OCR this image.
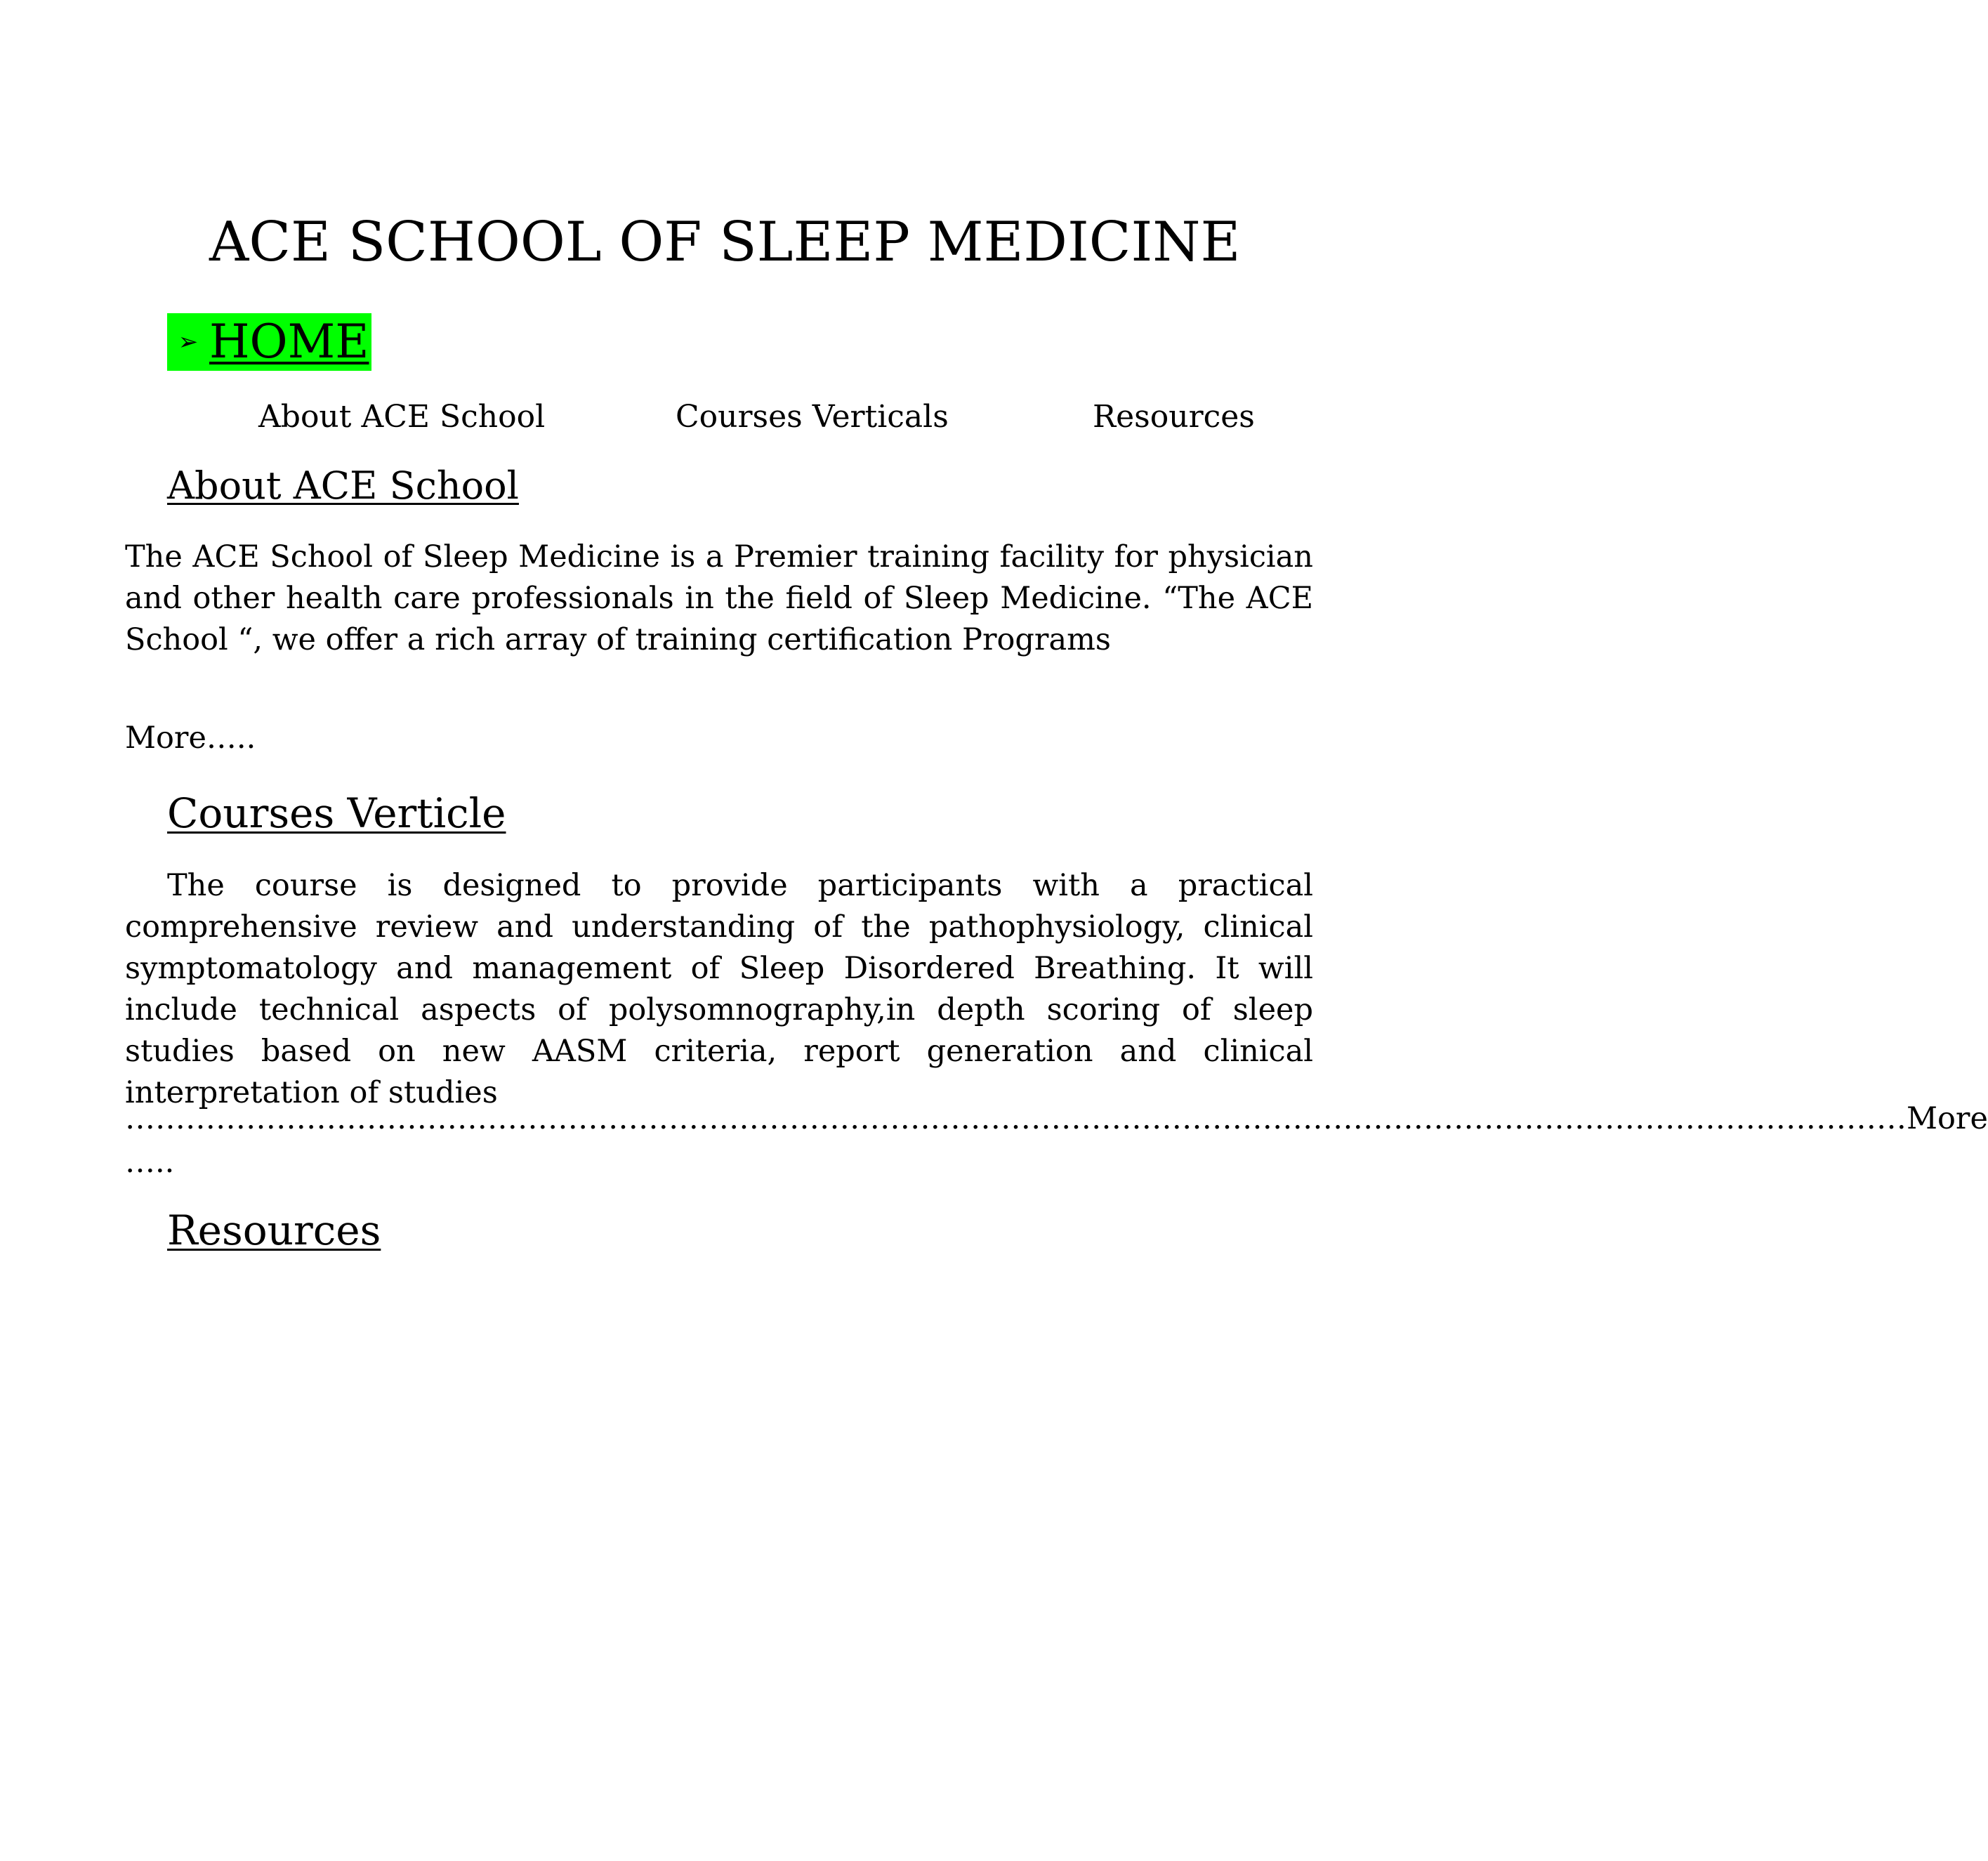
ACE SCHOOL OF SLEEP MEDICINE
➢ HOME
About ACE School	Courses Verticals	Resources
About ACE School

The ACE School of Sleep Medicine is a Premier training facility for physician and other health care professionals in the field of Sleep Medicine. “The ACE School “, we offer a rich array of training certification Programs

More…..

Courses Verticle

The course is designed to provide participants with a practical comprehensive review and understanding of the pathophysiology, clinical symptomatology and management of Sleep Disordered Breathing. It will include technical aspects of polysomnography,in depth scoring of sleep studies based on new AASM criteria, report generation and clinical interpretation of studies

…………………………………………………………………………………………………………………………………………………………… More
…..
Resources
